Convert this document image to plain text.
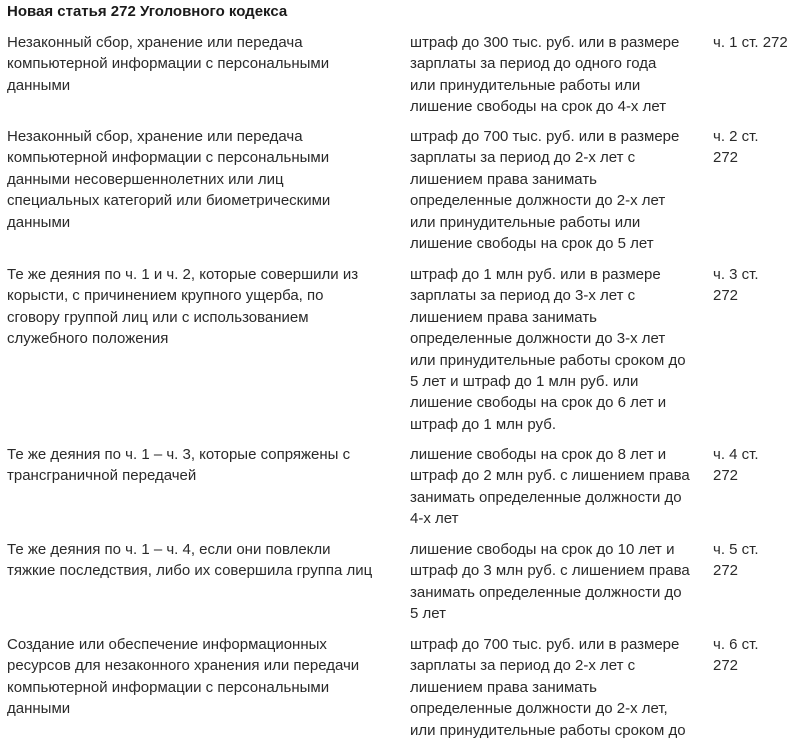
Новая статья 272 Уголовного кодекса
Незаконный сбор, хранение или передача
компьютерной информации с персональными
данными
штраф до 300 тыс. руб. или в размере
зарплаты за период до одного года
или принудительные работы или
лишение свободы на срок до 4-х лет
ч. 1 ст. 272
Незаконный сбор, хранение или передача
компьютерной информации с персональными
данными несовершеннолетних или лиц
специальных категорий или биометрическими
данными
штраф до 700 тыс. руб. или в размере
зарплаты за период до 2-х лет с
лишением права занимать
определенные должности до 2-х лет
или принудительные работы или
лишение свободы на срок до 5 лет
ч. 2 ст.
272
Те же деяния по ч. 1 и ч. 2, которые совершили из
корысти, с причинением крупного ущерба, по
сговору группой лиц или с использованием
служебного положения
штраф до 1 млн руб. или в размере
зарплаты за период до 3-х лет с
лишением права занимать
определенные должности до 3-х лет
или принудительные работы сроком до
5 лет и штраф до 1 млн руб. или
лишение свободы на срок до 6 лет и
штраф до 1 млн руб.
ч. 3 ст.
272
Те же деяния по ч. 1 – ч. 3, которые сопряжены с
трансграничной передачей
лишение свободы на срок до 8 лет и
штраф до 2 млн руб. с лишением права
занимать определенные должности до
4-х лет
ч. 4 ст.
272
Те же деяния по ч. 1 – ч. 4, если они повлекли
тяжкие последствия, либо их совершила группа лиц
лишение свободы на срок до 10 лет и
штраф до 3 млн руб. с лишением права
занимать определенные должности до
5 лет
ч. 5 ст.
272
Создание или обеспечение информационных
ресурсов для незаконного хранения или передачи
компьютерной информации с персональными
данными
штраф до 700 тыс. руб. или в размере
зарплаты за период до 2-х лет с
лишением права занимать
определенные должности до 2-х лет,
или принудительные работы сроком до
ч. 6 ст.
272
